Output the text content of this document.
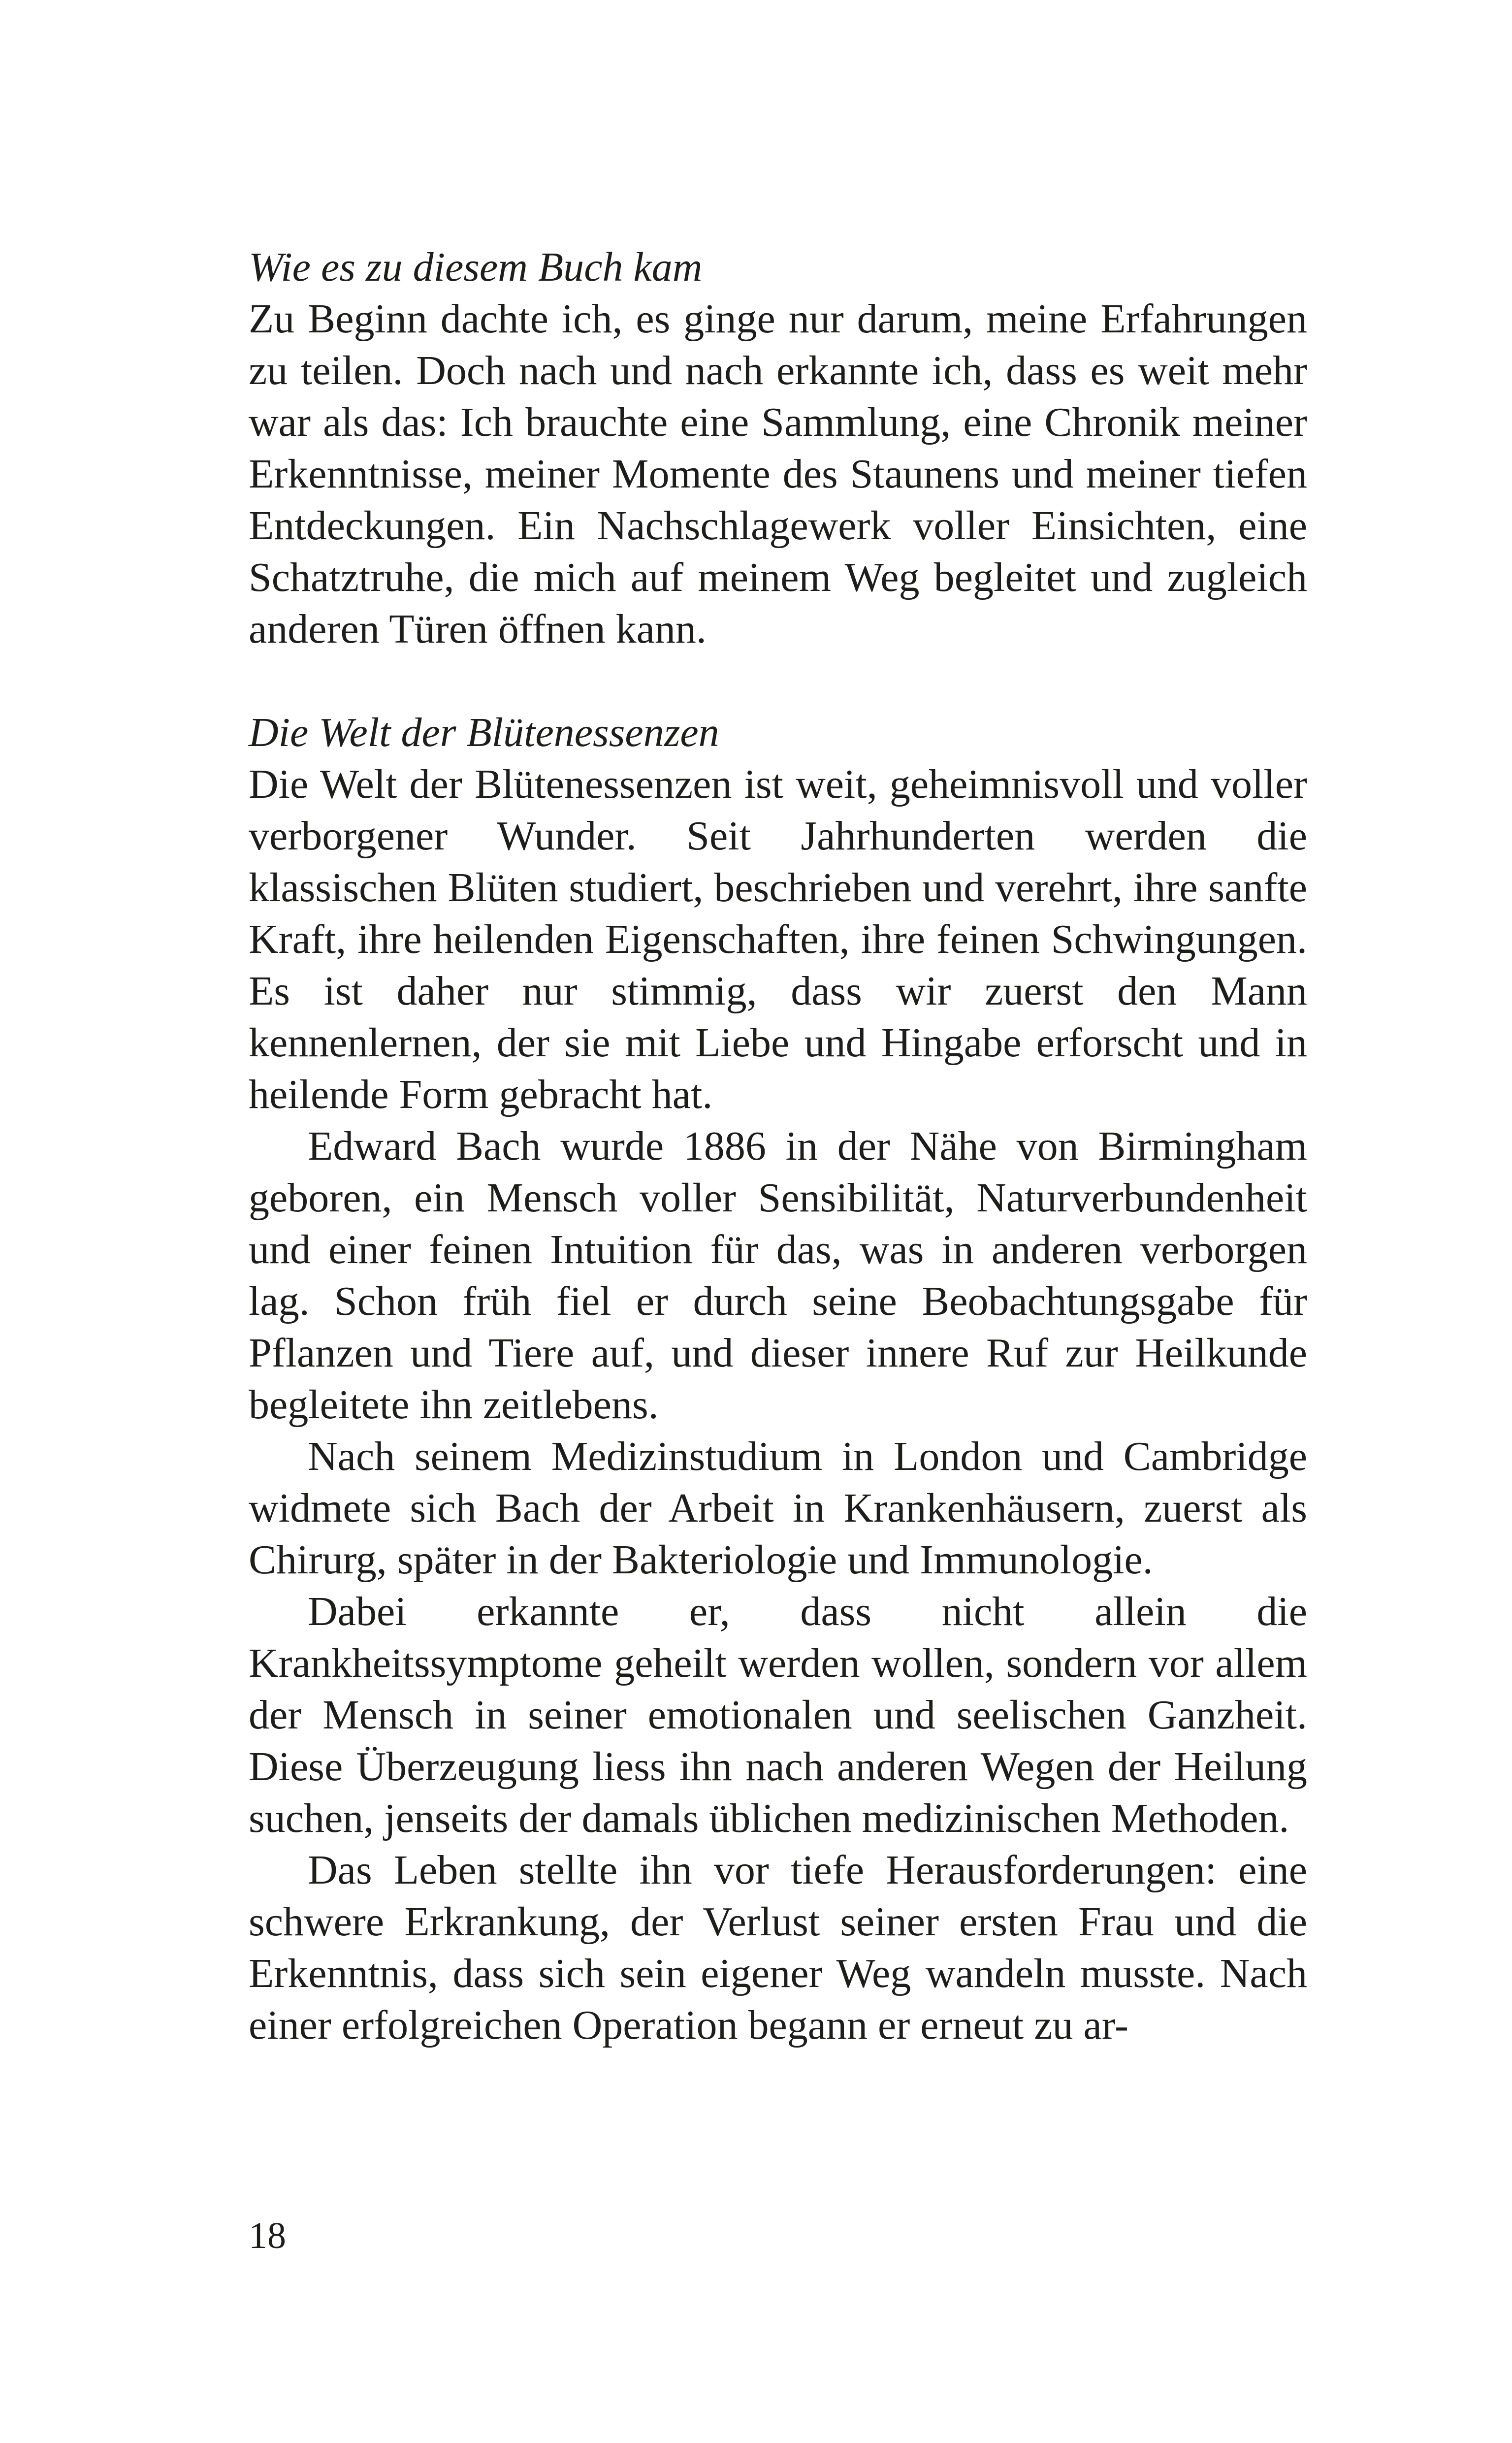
Wie es zu diesem Buch kam

Zu Beginn dachte ich, es ginge nur darum, meine Erfahrungen zu teilen. Doch nach und nach erkannte ich, dass es weit mehr war als das: Ich brauchte eine Sammlung, eine Chronik meiner Erkenntnisse, meiner Momente des Staunens und meiner tiefen Entdeckungen. Ein Nachschlagewerk voller Einsichten, eine Schatztruhe, die mich auf meinem Weg begleitet und zugleich anderen Türen öffnen kann.

Die Welt der Blütenessenzen

Die Welt der Blütenessenzen ist weit, geheimnisvoll und voller verborgener Wunder. Seit Jahrhunderten werden die klassischen Blüten studiert, beschrieben und verehrt, ihre sanfte Kraft, ihre heilenden Eigenschaften, ihre feinen Schwingungen. Es ist daher nur stimmig, dass wir zuerst den Mann kennenlernen, der sie mit Liebe und Hingabe erforscht und in heilende Form gebracht hat.

Edward Bach wurde 1886 in der Nähe von Birmingham geboren, ein Mensch voller Sensibilität, Naturverbundenheit und einer feinen Intuition für das, was in anderen verborgen lag. Schon früh fiel er durch seine Beobachtungsgabe für Pflanzen und Tiere auf, und dieser innere Ruf zur Heilkunde begleitete ihn zeitlebens.

Nach seinem Medizinstudium in London und Cambridge widmete sich Bach der Arbeit in Krankenhäusern, zuerst als Chirurg, später in der Bakteriologie und Immunologie.

Dabei erkannte er, dass nicht allein die Krankheitssymptome geheilt werden wollen, sondern vor allem der Mensch in seiner emotionalen und seelischen Ganzheit. Diese Überzeugung liess ihn nach anderen Wegen der Heilung suchen, jenseits der damals üblichen medizinischen Methoden.

Das Leben stellte ihn vor tiefe Herausforderungen: eine schwere Erkrankung, der Verlust seiner ersten Frau und die Erkenntnis, dass sich sein eigener Weg wandeln musste. Nach einer erfolgreichen Operation begann er erneut zu ar-

18
